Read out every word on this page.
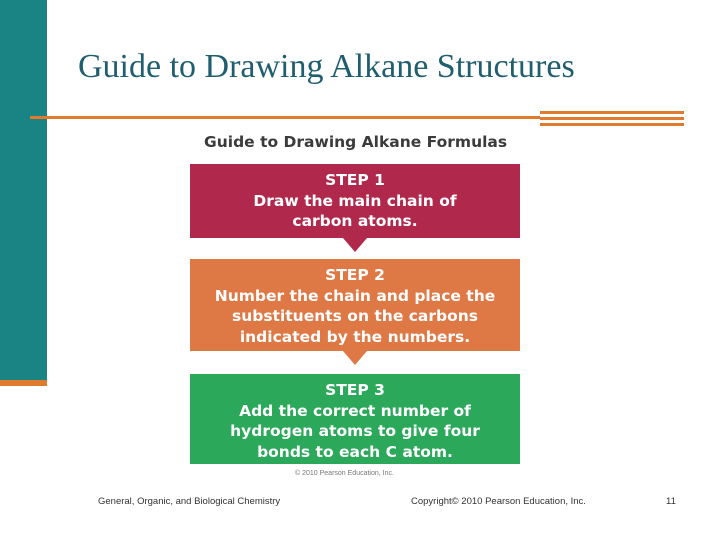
Guide to Drawing Alkane Structures
Guide to Drawing Alkane Formulas
STEP 1
Draw the main chain of carbon atoms.
STEP 2
Number the chain and place the substituents on the carbons indicated by the numbers.
STEP 3
Add the correct number of hydrogen atoms to give four bonds to each C atom.
© 2010 Pearson Education, Inc.
General, Organic, and Biological Chemistry	Copyright© 2010 Pearson Education, Inc.	11
